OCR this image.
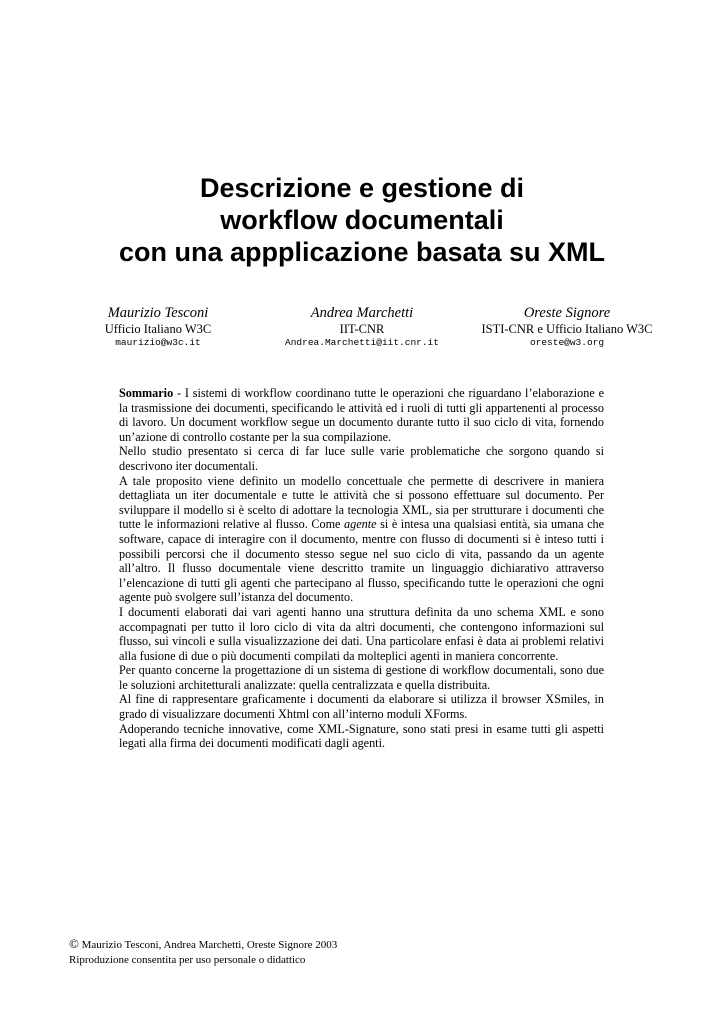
Descrizione e gestione di
workflow documentali
con una appplicazione basata su XML
Maurizio Tesconi
Ufficio Italiano W3C
maurizio@w3c.it
Andrea Marchetti
IIT-CNR
Andrea.Marchetti@iit.cnr.it
Oreste Signore
ISTI-CNR e Ufficio Italiano W3C
oreste@w3.org

Sommario - I sistemi di workflow coordinano tutte le operazioni che riguardano l’elaborazione e la trasmissione dei documenti, specificando le attività ed i ruoli di tutti gli appartenenti al processo di lavoro. Un document workflow segue un documento durante tutto il suo ciclo di vita, fornendo un’azione di controllo costante per la sua compilazione.

Nello studio presentato si cerca di far luce sulle varie problematiche che sorgono quando si descrivono iter documentali.

A tale proposito viene definito un modello concettuale che permette di descrivere in maniera dettagliata un iter documentale e tutte le attività che si possono effettuare sul documento. Per sviluppare il modello si è scelto di adottare la tecnologia XML, sia per strutturare i documenti che tutte le informazioni relative al flusso. Come agente si è intesa una qualsiasi entità, sia umana che software, capace di interagire con il documento, mentre con flusso di documenti si è inteso tutti i possibili percorsi che il documento stesso segue nel suo ciclo di vita, passando da un agente all’altro. Il flusso documentale viene descritto tramite un linguaggio dichiarativo attraverso l’elencazione di tutti gli agenti che partecipano al flusso, specificando tutte le operazioni che ogni agente può svolgere sull’istanza del documento.

I documenti elaborati dai vari agenti hanno una struttura definita da uno schema XML e sono accompagnati per tutto il loro ciclo di vita da altri documenti, che contengono informazioni sul flusso, sui vincoli e sulla visualizzazione dei dati. Una particolare enfasi è data ai problemi relativi alla fusione di due o più documenti compilati da molteplici agenti in maniera concorrente.

Per quanto concerne la progettazione di un sistema di gestione di workflow documentali, sono due le soluzioni architetturali analizzate: quella centralizzata e quella distribuita.

Al fine di rappresentare graficamente i documenti da elaborare si utilizza il browser XSmiles, in grado di visualizzare documenti Xhtml con all’interno moduli XForms.

Adoperando tecniche innovative, come XML-Signature, sono stati presi in esame tutti gli aspetti legati alla firma dei documenti modificati dagli agenti.

© Maurizio Tesconi, Andrea Marchetti, Oreste Signore 2003
Riproduzione consentita per uso personale o didattico
